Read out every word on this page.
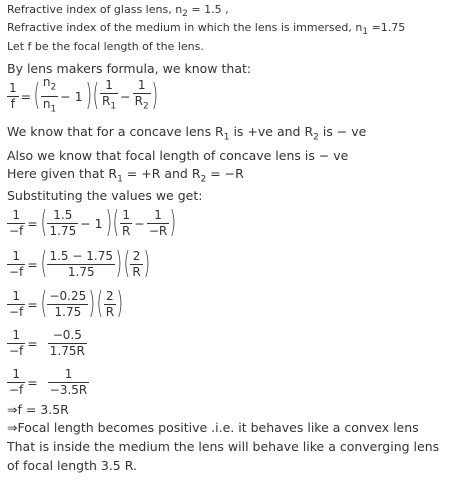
Refractive index of glass lens, $n_2 = 1.5$ ,
Refractive index of the medium in which the lens is immersed, $n_1 =1.75$
Let f be the focal length of the lens.
By lens makers formula, we know that:
$\frac{1}{f}$ = ( $\frac{n_2}{n_1} - 1$ ) ( $\frac{1}{R_1} - \frac{1}{R_2}$ )
We know that for a concave lens $R_1$ is +ve and $R_2$ is − ve
Also we know that focal length of concave lens is − ve
Here given that $R_1 = +R$ and $R_2 = -R$
Substituting the values we get:
$\frac{1}{-f}$ = ( $\frac{1.5}{1.75} - 1$ ) ( $\frac{1}{R} - \frac{1}{-R}$ )
$\frac{1}{-f}$ = ( $\frac{1.5 - 1.75}{1.75}$ ) ( $\frac{2}{R}$ )
$\frac{1}{-f}$ = ( $\frac{-0.25}{1.75}$ ) ( $\frac{2}{R}$ )
$\frac{1}{-f} = \frac{-0.5}{1.75R}$
$\frac{1}{-f} = \frac{1}{-3.5R}$
⇒f = 3.5R
⇒Focal length becomes positive .i.e. it behaves like a convex lens
That is inside the medium the lens will behave like a converging lens
of focal length 3.5 R.
